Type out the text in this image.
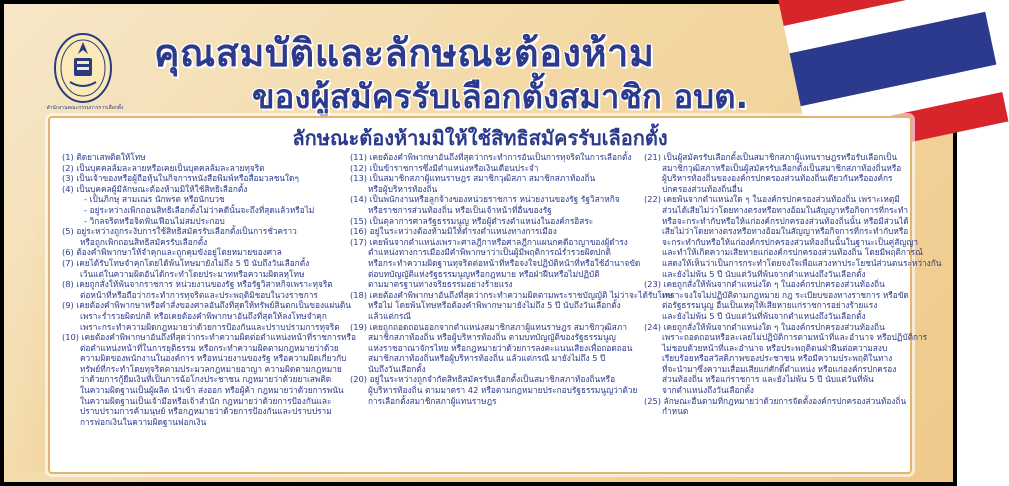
สำนักงานคณะกรรมการการเลือกตั้ง
คุณสมบัติและลักษณะต้องห้าม
ของผู้สมัครรับเลือกตั้งสมาชิก อบต.
ลักษณะต้องห้ามมิให้ใช้สิทธิสมัครรับเลือกตั้ง
(1) ติดยาเสพติดให้โทษ
(2) เป็นบุคคลล้มละลายหรือเคยเป็นบุคคลล้มละลายทุจริต
(3) เป็นเจ้าของหรือผู้ถือหุ้นในกิจการหนังสือพิมพ์หรือสื่อมวลชนใดๆ
(4) เป็นบุคคลผู้มีลักษณะต้องห้ามมิให้ใช้สิทธิเลือกตั้ง
- เป็นภิกษุ สามเณร นักพรต หรือนักบวช
- อยู่ระหว่างเพิกถอนสิทธิเลือกตั้งไม่ว่าคดีนั้นจะถึงที่สุดแล้วหรือไม่
- วิกลจริตหรือจิตฟั่นเฟือนไม่สมประกอบ
(5) อยู่ระหว่างถูกระงับการใช้สิทธิสมัครรับเลือกตั้งเป็นการชั่วคราว
หรือถูกเพิกถอนสิทธิสมัครรับเลือกตั้ง
(6) ต้องคำพิพากษาให้จำคุกและถูกคุมขังอยู่โดยหมายของศาล
(7) เคยได้รับโทษจำคุกโดยได้พ้นโทษมายังไม่ถึง 5 ปี นับถึงวันเลือกตั้ง
เว้นแต่ในความผิดอันได้กระทำโดยประมาทหรือความผิดลหุโทษ
(8) เคยถูกสั่งให้พ้นจากราชการ หน่วยงานของรัฐ หรือรัฐวิสาหกิจเพราะทุจริต
ต่อหน้าที่หรือถือว่ากระทำการทุจริตและประพฤติมิชอบในวงราชการ
(9) เคยต้องคำพิพากษาหรือคำสั่งของศาลอันถึงที่สุดให้ทรัพย์สินตกเป็นของแผ่นดิน
เพราะร่ำรวยผิดปกติ หรือเคยต้องคำพิพากษาอันถึงที่สุดให้ลงโทษจำคุก
เพราะกระทำความผิดกฎหมายว่าด้วยการป้องกันและปราบปรามการทุจริต
(10) เคยต้องคำพิพากษาอันถึงที่สุดว่ากระทำความผิดต่อตำแหน่งหน้าที่ราชการหรือ
ต่อตำแหน่งหน้าที่ในการยุติธรรม หรือกระทำความผิดตามกฎหมายว่าด้วย
ความผิดของพนักงานในองค์การ หรือหน่วยงานของรัฐ หรือความผิดเกี่ยวกับ
ทรัพย์ที่กระทำโดยทุจริตตามประมวลกฎหมายอาญา ความผิดตามกฎหมาย
ว่าด้วยการกู้ยืมเงินที่เป็นการฉ้อโกงประชาชน กฎหมายว่าด้วยยาเสพติด
ในความผิดฐานเป็นผู้ผลิต นำเข้า ส่งออก หรือผู้ค้า กฎหมายว่าด้วยการพนัน
ในความผิดฐานเป็นเจ้ามือหรือเจ้าสำนัก กฎหมายว่าด้วยการป้องกันและ
ปราบปรามการค้ามนุษย์ หรือกฎหมายว่าด้วยการป้องกันและปราบปราม
การฟอกเงินในความผิดฐานฟอกเงิน
(11) เคยต้องคำพิพากษาอันถึงที่สุดว่ากระทำการอันเป็นการทุจริตในการเลือกตั้ง
(12) เป็นข้าราชการซึ่งมีตำแหน่งหรือเงินเดือนประจำ
(13) เป็นสมาชิกสภาผู้แทนราษฎร สมาชิกวุฒิสภา สมาชิกสภาท้องถิ่น
หรือผู้บริหารท้องถิ่น
(14) เป็นพนักงานหรือลูกจ้างของหน่วยราชการ หน่วยงานของรัฐ รัฐวิสาหกิจ
หรือราชการส่วนท้องถิ่น หรือเป็นเจ้าหน้าที่อื่นของรัฐ
(15) เป็นตุลาการศาลรัฐธรรมนูญ หรือผู้ดำรงตำแหน่งในองค์กรอิสระ
(16) อยู่ในระหว่างต้องห้ามมิให้ดำรงตำแหน่งทางการเมือง
(17) เคยพ้นจากตำแหน่งเพราะศาลฎีกาหรือศาลฎีกาแผนกคดีอาญาของผู้ดำรง
ตำแหน่งทางการเมืองมีคำพิพากษาว่าเป็นผู้มีพฤติการณ์ร่ำรวยผิดปกติ
หรือกระทำความผิดฐานทุจริตต่อหน้าที่หรือจงใจปฏิบัติหน้าที่หรือใช้อำนาจขัด
ต่อบทบัญญัติแห่งรัฐธรรมนูญหรือกฎหมาย หรือฝ่าฝืนหรือไม่ปฏิบัติ
ตามมาตรฐานทางจริยธรรมอย่างร้ายแรง
(18) เคยต้องคำพิพากษาอันถึงที่สุดว่ากระทำความผิดตามพระราชบัญญัติ ไม่ว่าจะได้รับโทษ
หรือไม่ โดยพ้นโทษหรือต้องคำพิพากษามายังไม่ถึง 5 ปี นับถึงวันเลือกตั้ง
แล้วแต่กรณี
(19) เคยถูกถอดถอนออกจากตำแหน่งสมาชิกสภาผู้แทนราษฎร สมาชิกวุฒิสภา
สมาชิกสภาท้องถิ่น หรือผู้บริหารท้องถิ่น ตามบทบัญญัติของรัฐธรรมนูญ
แห่งราชอาณาจักรไทย หรือกฎหมายว่าด้วยการลงคะแนนเสียงเพื่อถอดถอน
สมาชิกสภาท้องถิ่นหรือผู้บริหารท้องถิ่น แล้วแต่กรณี มายังไม่ถึง 5 ปี
นับถึงวันเลือกตั้ง
(20) อยู่ในระหว่างถูกจำกัดสิทธิสมัครรับเลือกตั้งเป็นสมาชิกสภาท้องถิ่นหรือ
ผู้บริหารท้องถิ่น ตามมาตรา 42 หรือตามกฎหมายประกอบรัฐธรรมนูญว่าด้วย
การเลือกตั้งสมาชิกสภาผู้แทนราษฎร
(21) เป็นผู้สมัครรับเลือกตั้งเป็นสมาชิกสภาผู้แทนราษฎรหรือรับเลือกเป็น
สมาชิกวุฒิสภาหรือเป็นผู้สมัครรับเลือกตั้งเป็นสมาชิกสภาท้องถิ่นหรือ
ผู้บริหารท้องถิ่นขององค์กรปกครองส่วนท้องถิ่นเดียวกันหรือองค์กร
ปกครองส่วนท้องถิ่นอื่น
(22) เคยพ้นจากตำแหน่งใด ๆ ในองค์กรปกครองส่วนท้องถิ่น เพราะเหตุมี
ส่วนได้เสียไม่ว่าโดยทางตรงหรือทางอ้อมในสัญญาหรือกิจการที่กระทำ
หรือจะกระทำกับหรือให้แก่องค์กรปกครองส่วนท้องถิ่นนั้น หรือมีส่วนได้
เสียไม่ว่าโดยทางตรงหรือทางอ้อมในสัญญาหรือกิจการที่กระทำกับหรือ
จะกระทำกับหรือให้แก่องค์กรปกครองส่วนท้องถิ่นนั้นในฐานะเป็นคู่สัญญา
และทำให้เกิดความเสียหายแก่องค์กรปกครองส่วนท้องถิ่น โดยมีพฤติการณ์
แสดงให้เห็นว่าเป็นการกระทำโดยจงใจเพื่อแสวงหาประโยชน์ส่วนตนระหว่างกัน
และยังไม่พ้น 5 ปี นับแต่วันที่พ้นจากตำแหน่งถึงวันเลือกตั้ง
(23) เคยถูกสั่งให้พ้นจากตำแหน่งใด ๆ ในองค์กรปกครองส่วนท้องถิ่น
เพราะจงใจไม่ปฏิบัติตามกฎหมาย กฎ ระเบียบของทางราชการ หรือขัด
ต่อรัฐธรรมนูญ อื่นเป็นเหตุให้เสียหายแก่ราชการอย่างร้ายแรง
และยังไม่พ้น 5 ปี นับแต่วันที่พ้นจากตำแหน่งถึงวันเลือกตั้ง
(24) เคยถูกสั่งให้พ้นจากตำแหน่งใด ๆ ในองค์กรปกครองส่วนท้องถิ่น
เพราะถอดถอนหรือละเลยไม่ปฏิบัติการตามหน้าที่และอำนาจ หรือปฏิบัติการ
ไม่ชอบด้วยหน้าที่และอำนาจ หรือประพฤติตนฝ่าฝืนต่อความสงบ
เรียบร้อยหรือสวัสดิภาพของประชาชน หรือมีความประพฤติในทาง
ที่จะนำมาซึ่งความเสื่อมเสียแก่ศักดิ์ตำแหน่ง หรือแก่องค์กรปกครอง
ส่วนท้องถิ่น หรือแก่ราชการ และยังไม่พ้น 5 ปี นับแต่วันที่พ้น
จากตำแหน่งถึงวันเลือกตั้ง
(25) ลักษณะอื่นตามที่กฎหมายว่าด้วยการจัดตั้งองค์กรปกครองส่วนท้องถิ่น
กำหนด
